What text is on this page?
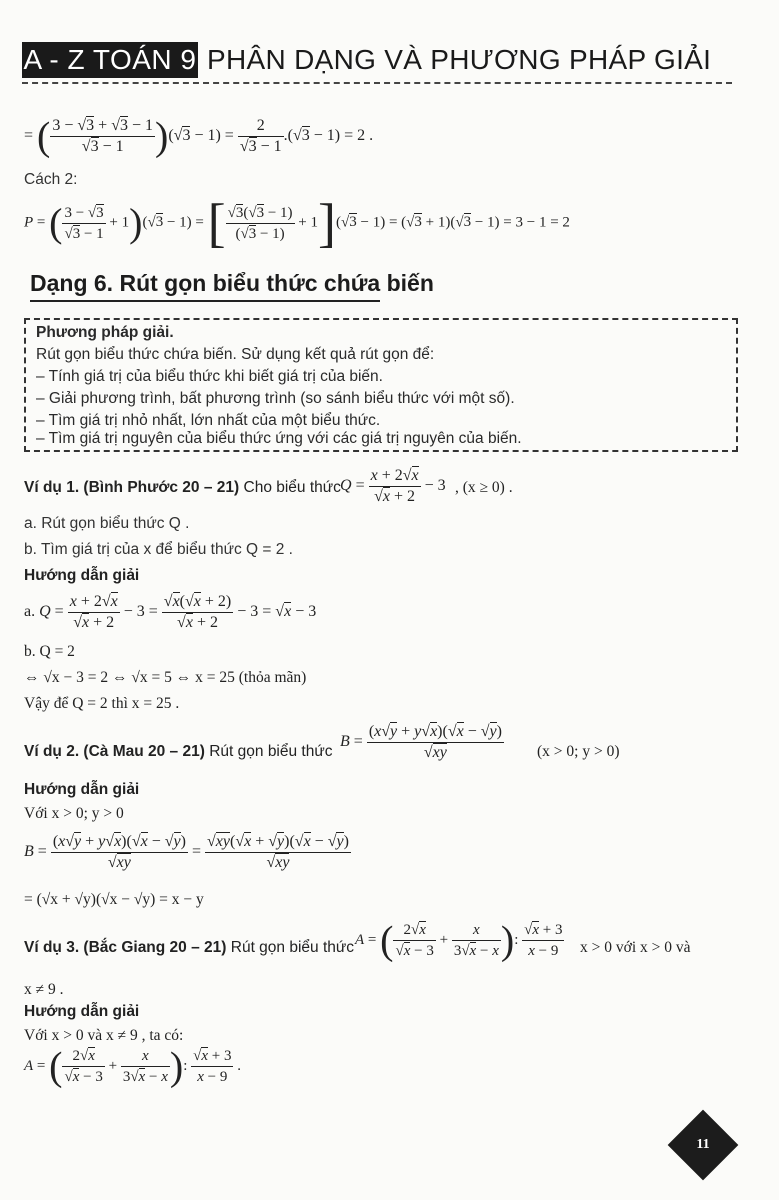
A - Z TOÁN 9 PHÂN DẠNG VÀ PHƯƠNG PHÁP GIẢI
= ( $\frac{3 - √3 + √3 - 1}{√3 - 1} )(√3 - 1) = \frac{2}{√3 - 1} .(√3 - 1) = 2$ .
Cách 2:
P = ( $\frac{3 - √3}{√3 - 1} + 1)(√3 - 1)$ = [ $\frac{√3(√3 - 1)}{(√3 - 1)} + 1](√3 - 1) = (√3 + 1)(√3 - 1) = 3 - 1 = 2$
Dạng 6. Rút gọn biểu thức chứa biến
Phương pháp giải.
Rút gọn biểu thức chứa biến. Sử dụng kết quả rút gọn để:
– Tính giá trị của biểu thức khi biết giá trị của biến.
– Giải phương trình, bất phương trình (so sánh biểu thức với một số).
– Tìm giá trị nhỏ nhất, lớn nhất của một biểu thức.
– Tìm giá trị nguyên của biểu thức ứng với các giá trị nguyên của biến.
Ví dụ 1. (Bình Phước 20 – 21) Cho biểu thức $Q = \frac{x + 2√x}{√x + 2} - 3$ , (x ≥ 0) .
a. Rút gọn biểu thức Q .
b. Tìm giá trị của x để biểu thức Q = 2 .
Hướng dẫn giải
a. $Q = \frac{x + 2√x}{√x + 2} - 3 = \frac{√x(√x + 2)}{√x + 2} - 3 = √x - 3$
b. Q = 2
⇔ √x − 3 = 2 ⇔ √x = 5 ⇔ x = 25 (thỏa mãn)
Vậy để Q = 2 thì x = 25 .
Ví dụ 2. (Cà Mau 20 – 21) Rút gọn biểu thức
$B = \frac{(x√y + y√x)(√x - √y)}{√xy} (x > 0$; y > 0)
Hướng dẫn giải
Với x > 0; y > 0
$B = \frac{(x√y + y√x)(√x - √y)}{√xy} = \frac{√xy(√x + √y)(√x - √y)}{√xy}$
= (√x + √y)(√x − √y) = x − y
Ví dụ 3. (Bắc Giang 20 – 21) Rút gọn biểu thức A = ( $\frac{2√x}{√x - 3} + \frac{x}{3√x - x}$ ): $\frac{√x + 3}{x - 9}$ x > 0 với x > 0 và
x ≠ 9 .
Hướng dẫn giải
Với x > 0 và x ≠ 9 , ta có:
A = ( $\frac{2√x}{√x - 3} + \frac{x}{3√x - x}$ ): $\frac{√x + 3}{x - 9}$ .
11
